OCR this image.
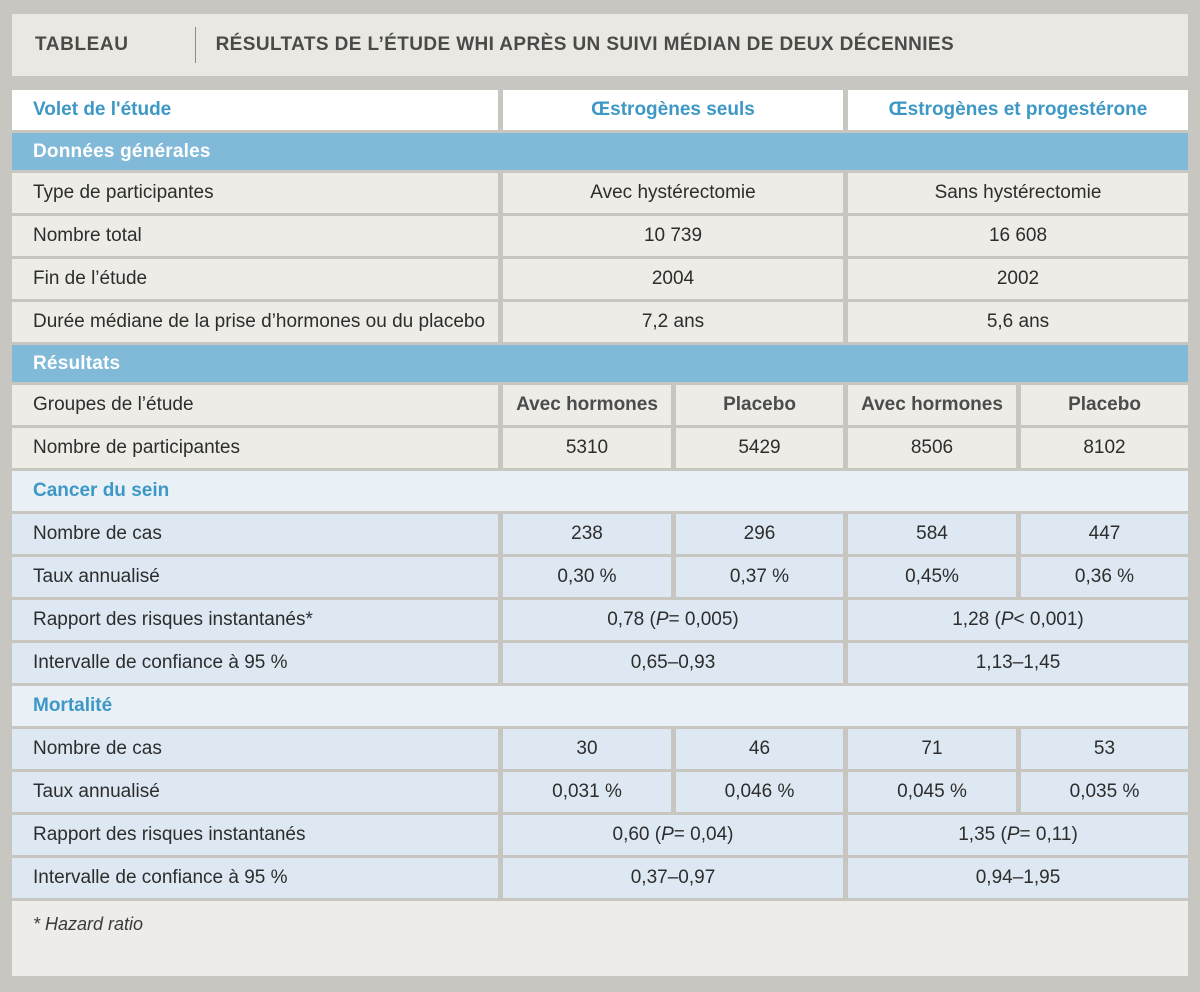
TABLEAU	RÉSULTATS DE L’ÉTUDE WHI APRÈS UN SUIVI MÉDIAN DE DEUX DÉCENNIES
Volet de l'étude	Œstrogènes seuls	Œstrogènes et progestérone
Données générales
Type de participantes	Avec hystérectomie	Sans hystérectomie
Nombre total	10 739	16 608
Fin de l’étude	2004	2002
Durée médiane de la prise d’hormones ou du placebo	7,2 ans	5,6 ans
Résultats
Groupes de l’étude	Avec hormones	Placebo	Avec hormones	Placebo
Nombre de participantes	5310	5429	8506	8102
Cancer du sein
Nombre de cas	238	296	584	447
Taux annualisé	0,30 %	0,37 %	0,45%	0,36 %
Rapport des risques instantanés*	0,78 ( P = 0,005)	1,28 ( P < 0,001)
Intervalle de confiance à 95 %	0,65–0,93	1,13–1,45
Mortalité
Nombre de cas	30	46	71	53
Taux annualisé	0,031 %	0,046 %	0,045 %	0,035 %
Rapport des risques instantanés	0,60 ( P = 0,04)	1,35 ( P = 0,11)
Intervalle de confiance à 95 %	0,37–0,97	0,94–1,95
* Hazard ratio
